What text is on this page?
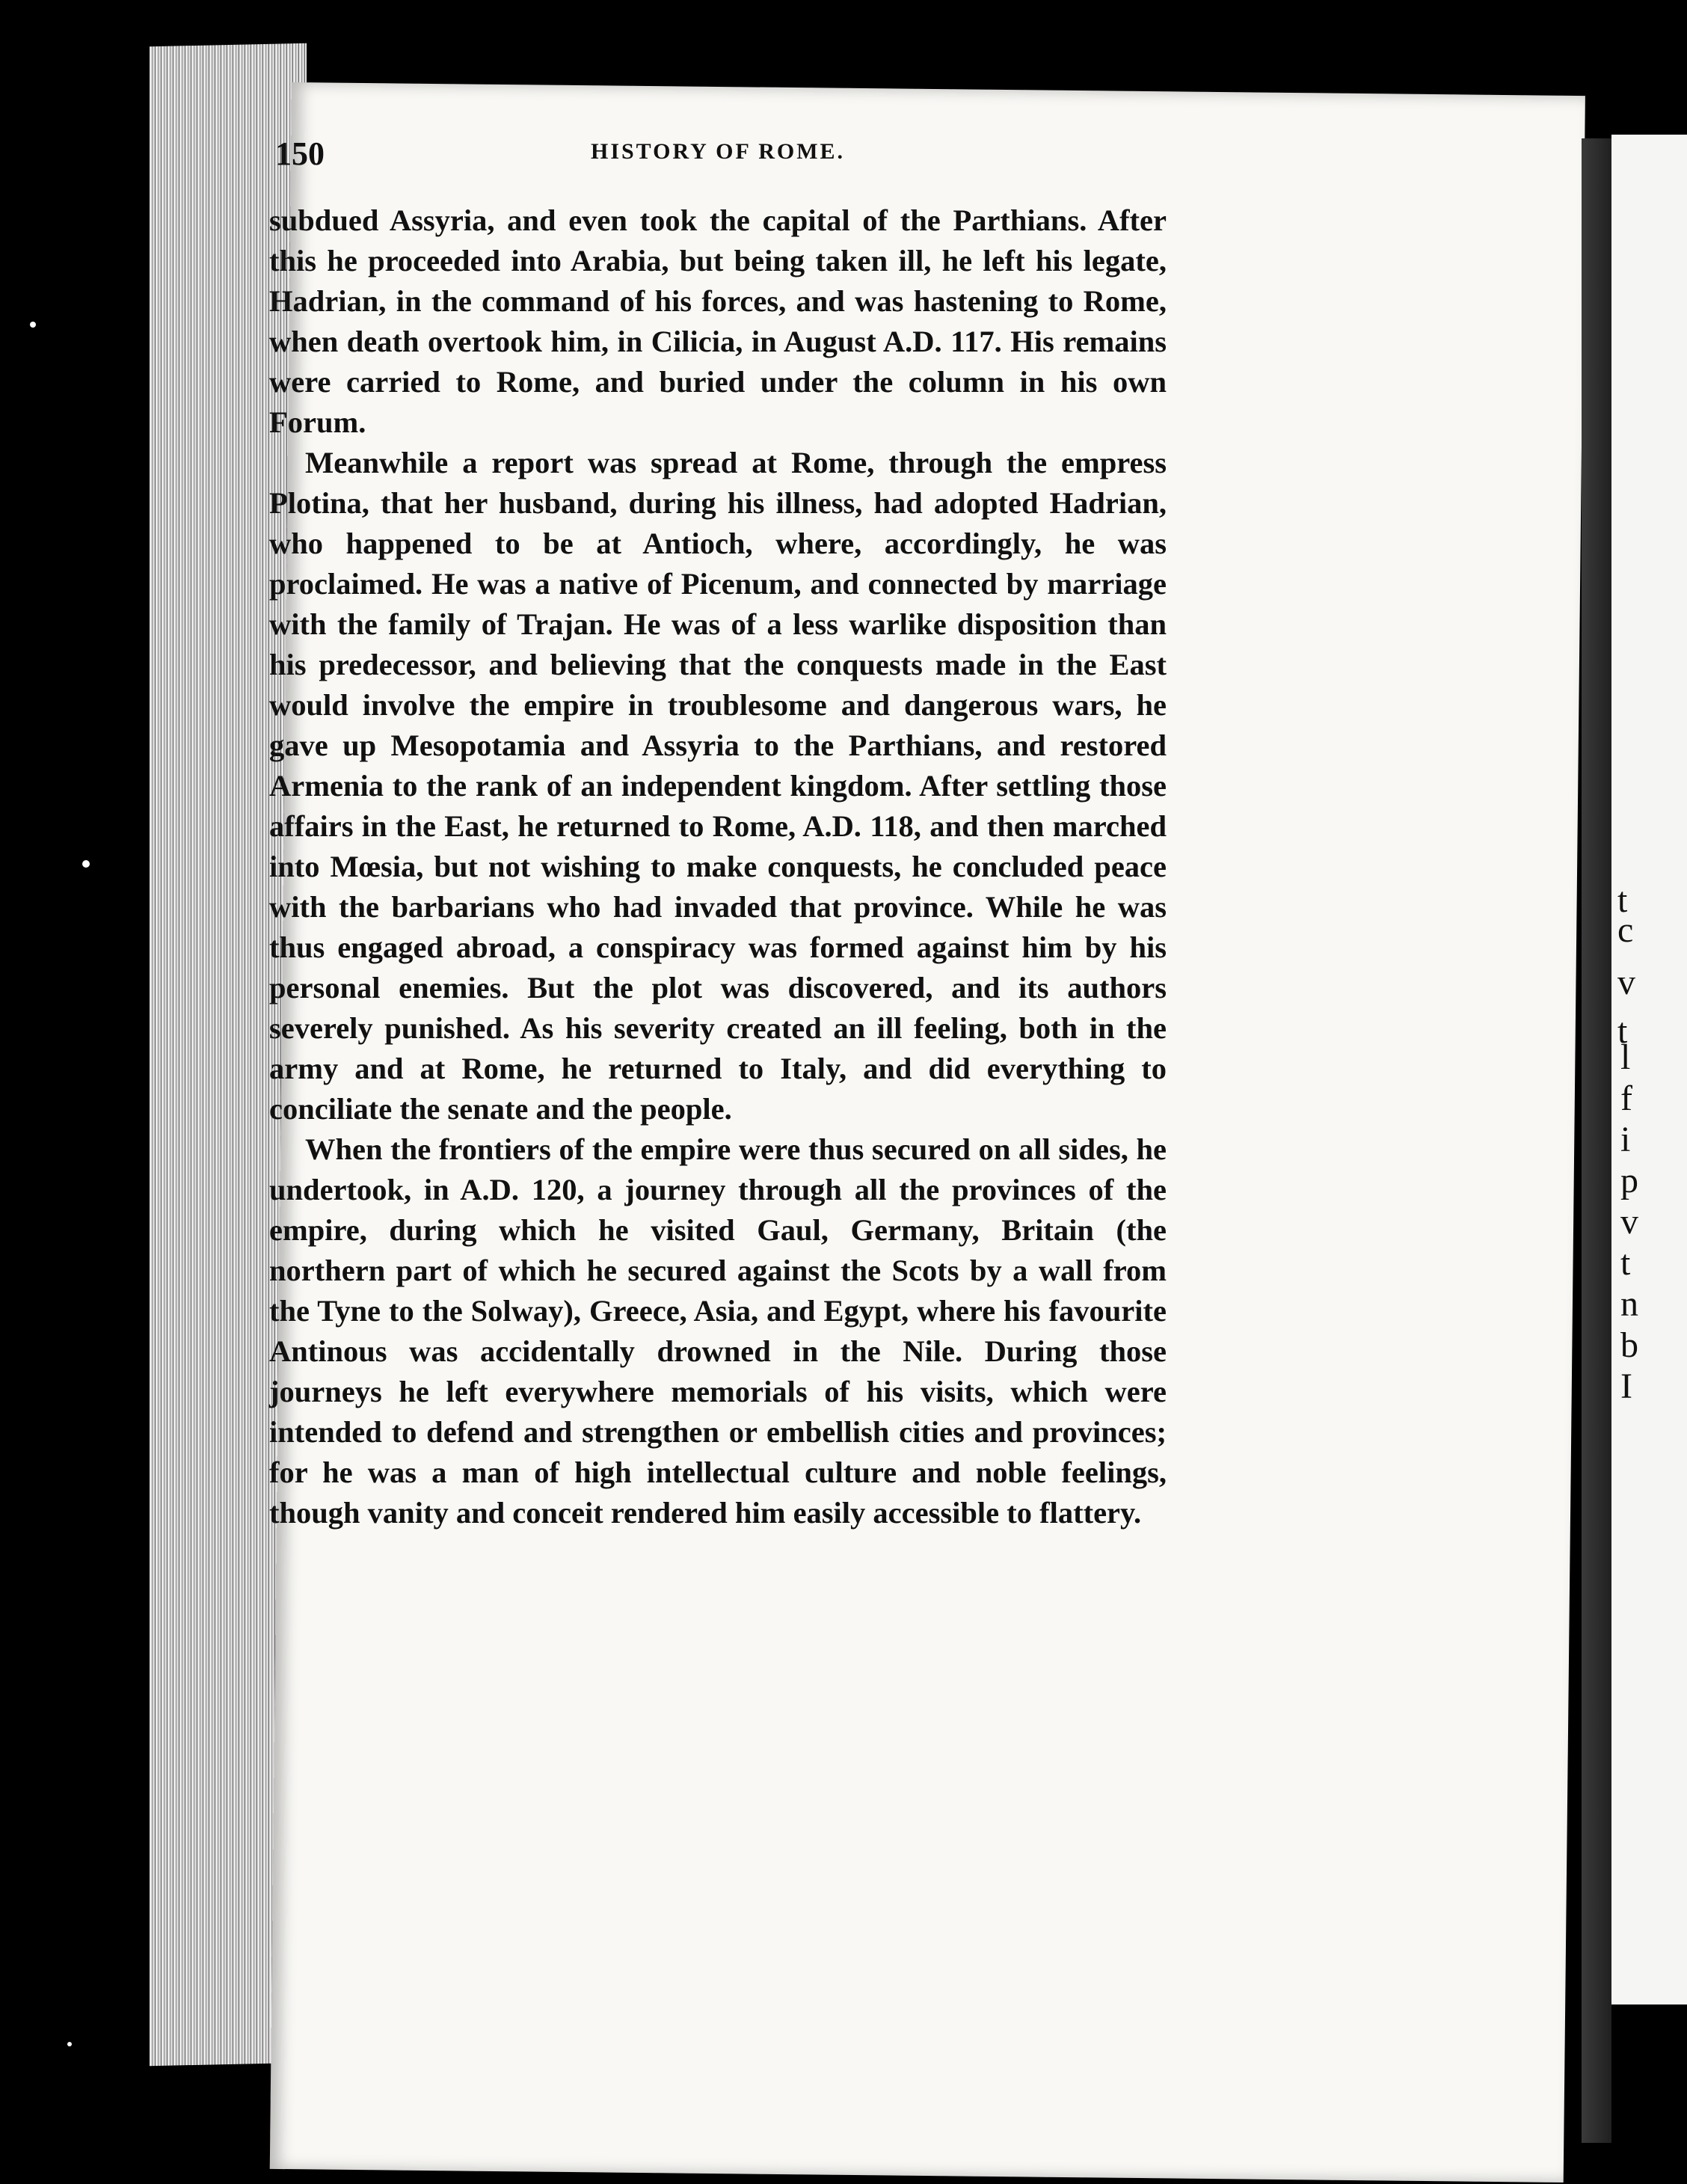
v
t
t
c
l
f
i
p
v
t
n
b
I
150	HISTORY OF ROME.

subdued Assyria, and even took the capital of the Parthians. After this he proceeded into Arabia, but being taken ill, he left his legate, Hadrian, in the command of his forces, and was hastening to Rome, when death overtook him, in Cilicia, in August A.D. 117. His remains were carried to Rome, and buried under the column in his own Forum.

Meanwhile a report was spread at Rome, through the empress Plotina, that her husband, during his illness, had adopted Hadrian, who happened to be at Antioch, where, accordingly, he was proclaimed. He was a native of Picenum, and connected by marriage with the family of Trajan. He was of a less warlike disposition than his predecessor, and believing that the conquests made in the East would involve the empire in troublesome and dangerous wars, he gave up Mesopotamia and Assyria to the Parthians, and restored Armenia to the rank of an independent kingdom. After settling those affairs in the East, he returned to Rome, A.D. 118, and then marched into Mœsia, but not wishing to make conquests, he concluded peace with the barbarians who had invaded that province. While he was thus engaged abroad, a conspiracy was formed against him by his personal enemies. But the plot was discovered, and its authors severely punished. As his severity created an ill feeling, both in the army and at Rome, he returned to Italy, and did everything to conciliate the senate and the people.

When the frontiers of the empire were thus secured on all sides, he undertook, in A.D. 120, a journey through all the provinces of the empire, during which he visited Gaul, Germany, Britain (the northern part of which he secured against the Scots by a wall from the Tyne to the Solway), Greece, Asia, and Egypt, where his favourite Antinous was accidentally drowned in the Nile. During those journeys he left everywhere memorials of his visits, which were intended to defend and strengthen or embellish cities and provinces; for he was a man of high intellectual culture and noble feelings, though vanity and conceit rendered him easily accessible to flattery.
